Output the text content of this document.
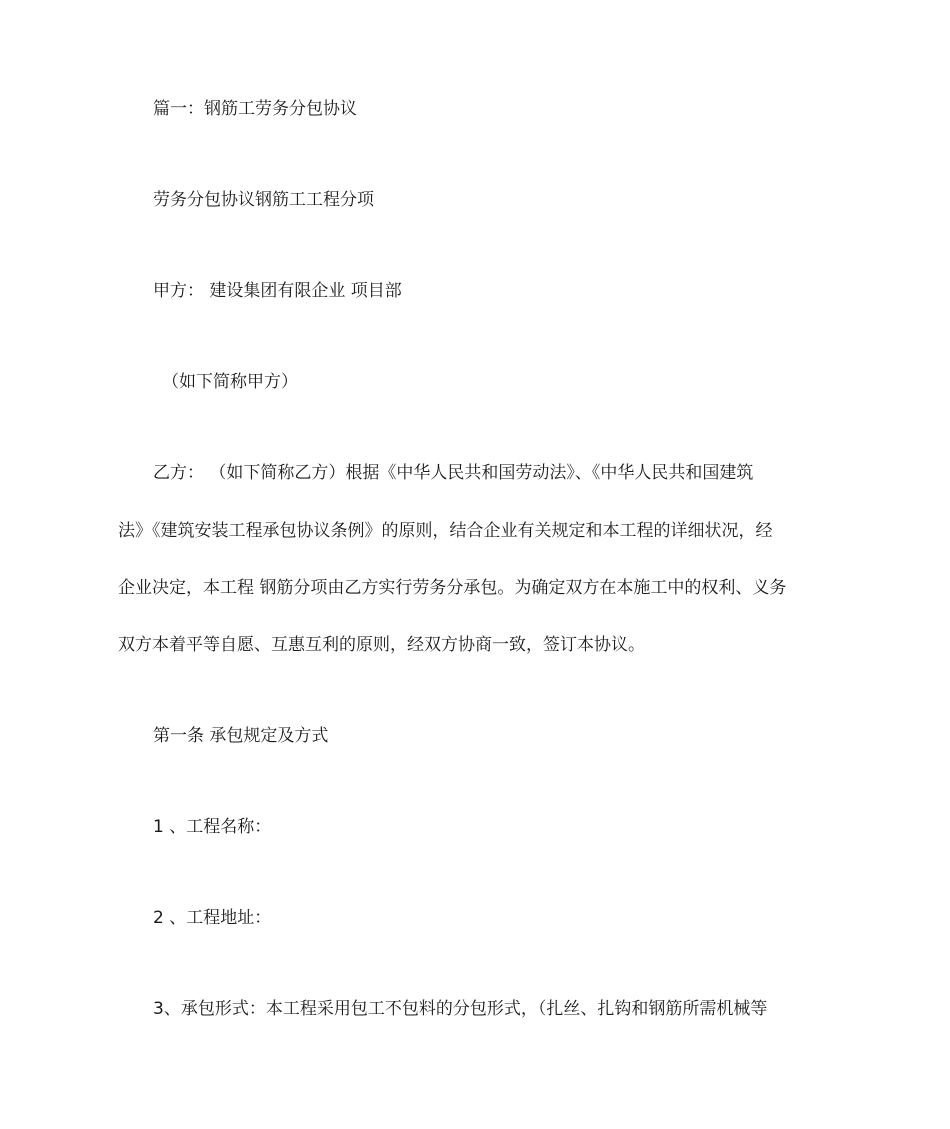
篇一：钢筋工劳务分包协议
劳务分包协议钢筋工工程分项
甲方： 建设集团有限企业 项目部
（如下简称甲方）
乙方： （如下简称乙方）根据《中华人民共和国劳动法》、《中华人民共和国建筑
法》《建筑安装工程承包协议条例》的原则，结合企业有关规定和本工程的详细状况，经
企业决定，本工程 钢筋分项由乙方实行劳务分承包。为确定双方在本施工中的权利、义务
双方本着平等自愿、互惠互利的原则，经双方协商一致，签订本协议。
第一条 承包规定及方式
1 、工程名称：
2 、工程地址：
3、承包形式：本工程采用包工不包料的分包形式，（扎丝、扎钩和钢筋所需机械等
